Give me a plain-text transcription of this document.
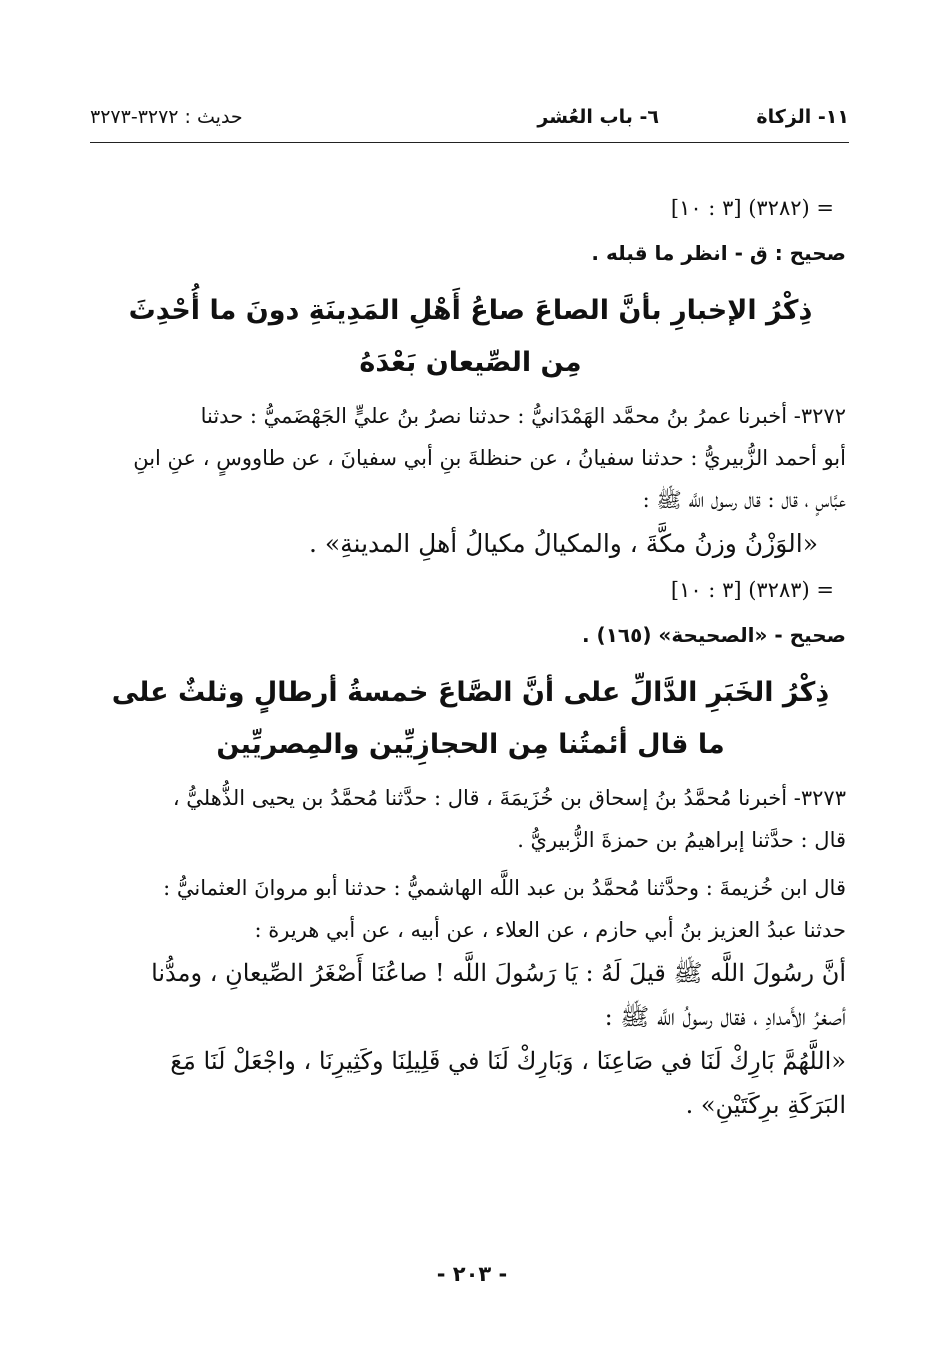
١١- الزكاة
٦- باب العُشر
حديث : ٣٢٧٢-٣٢٧٣
= (٣٢٨٢) [٣ : ١٠]
صحيح : ق - انظر ما قبله .
ذِكْرُ الإخبارِ بأنَّ الصاعَ صاعُ أَهْلِ المَدِينَةِ دونَ ما أُحْدِثَ
مِن الصِّيعان بَعْدَهُ
٣٢٧٢- أخبرنا عمرُ بنُ محمَّد الهَمْدَانيُّ : حدثنا نصرُ بنُ عليٍّ الجَهْضَميُّ : حدثنا
أبو أحمد الزُّبيريُّ : حدثنا سفيانُ ، عن حنظلةَ بنِ أبي سفيانَ ، عن طاووسٍ ، عنِ ابنِ
عبَّاسٍ ، قال : قال رسول اللَّه ﷺ :
«الوَزْنُ وزنُ مكَّةَ ، والمكيالُ مكيالُ أهلِ المدينةِ» .
= (٣٢٨٣) [٣ : ١٠]
صحيح - «الصحيحة» (١٦٥) .
ذِكْرُ الخَبَرِ الدَّالِّ على أنَّ الصَّاعَ خمسةُ أرطالٍ وثلثٌ على
ما قال أئمتُنا مِن الحجازِيِّين والمِصريِّين
٣٢٧٣- أخبرنا مُحمَّدُ بنُ إسحاق بن خُزَيمَةَ ، قال : حدَّثنا مُحمَّدُ بن يحيى الذُّهليُّ ،
قال : حدَّثنا إبراهيمُ بن حمزةَ الزُّبيريُّ .
قال ابن خُزيمةَ : وحدَّثنا مُحمَّدُ بن عبد اللَّه الهاشميُّ : حدثنا أبو مروانَ العثمانيُّ :
حدثنا عبدُ العزيز بنُ أبي حازم ، عن العلاء ، عن أبيه ، عن أبي هريرة :
أنَّ رسُولَ اللَّه ﷺ قيلَ لَهُ : يَا رَسُولَ اللَّه ! صاعُنَا أَصْغَرُ الصِّيعانِ ، ومدُّنا
أصغرُ الأَمدادِ ، فقال رسولُ اللَّه ﷺ :
«اللَّهُمَّ بَارِكْ لَنَا في صَاعِنَا ، وَبَارِكْ لَنَا في قَلِيلِنَا وكَثِيرِنَا ، واجْعَلْ لَنَا مَعَ
البَرَكَةِ برِكَتَيْنِ» .
- ٢٠٣ -
